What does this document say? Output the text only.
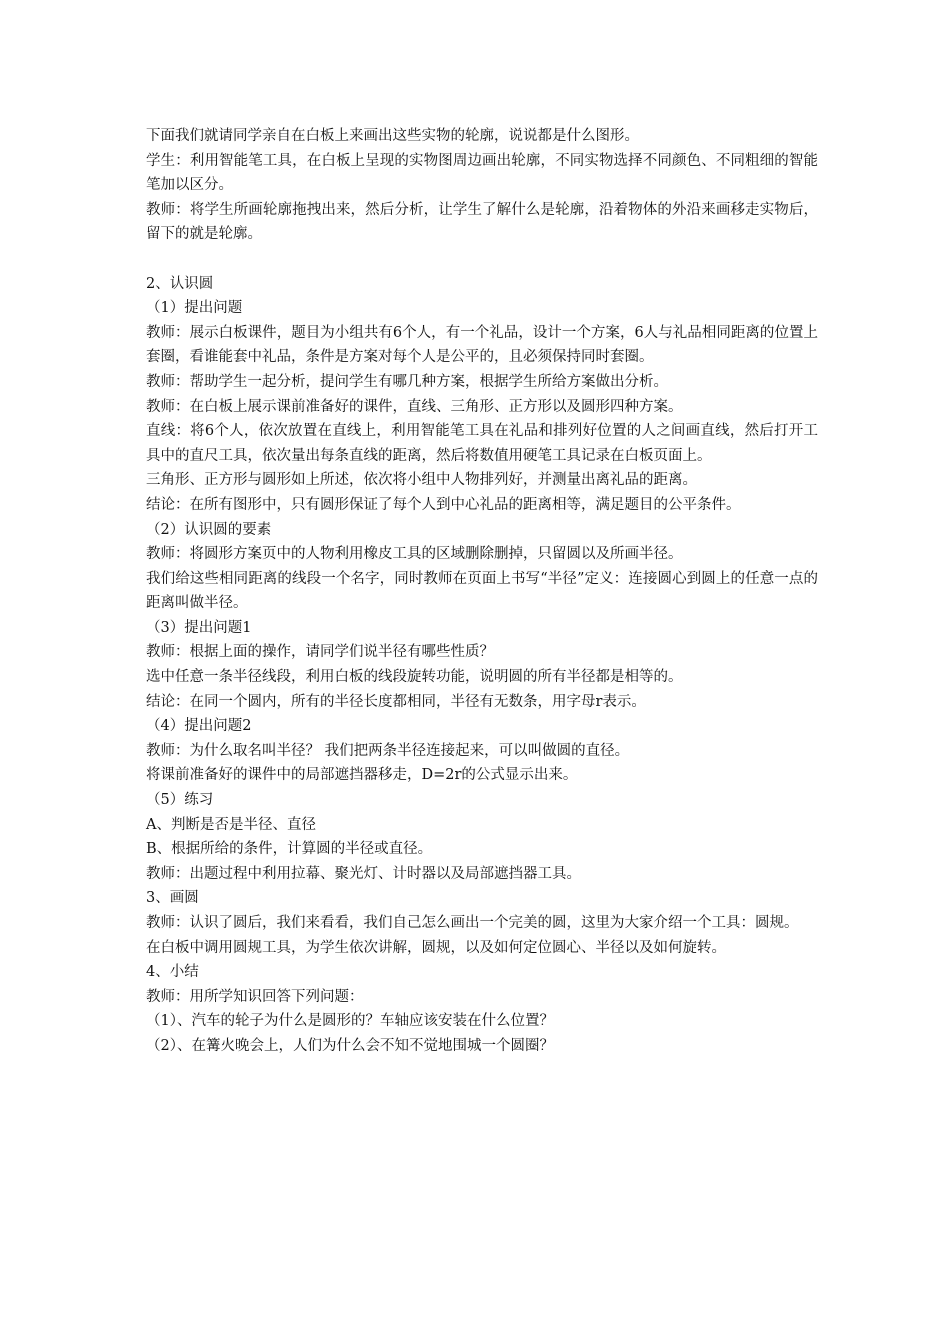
下面我们就请同学亲自在白板上来画出这些实物的轮廓，说说都是什么图形。

学生：利用智能笔工具，在白板上呈现的实物图周边画出轮廓，不同实物选择不同颜色、不同粗细的智能笔加以区分。

教师：将学生所画轮廓拖拽出来，然后分析，让学生了解什么是轮廓，沿着物体的外沿来画移走实物后，留下的就是轮廓。

2、认识圆

（1）提出问题

教师：展示白板课件，题目为小组共有6个人，有一个礼品，设计一个方案，6人与礼品相同距离的位置上套圈，看谁能套中礼品，条件是方案对每个人是公平的，且必须保持同时套圈。

教师：帮助学生一起分析，提问学生有哪几种方案，根据学生所给方案做出分析。

教师：在白板上展示课前准备好的课件，直线、三角形、正方形以及圆形四种方案。

直线：将6个人，依次放置在直线上，利用智能笔工具在礼品和排列好位置的人之间画直线，然后打开工具中的直尺工具，依次量出每条直线的距离，然后将数值用硬笔工具记录在白板页面上。

三角形、正方形与圆形如上所述，依次将小组中人物排列好，并测量出离礼品的距离。

结论：在所有图形中，只有圆形保证了每个人到中心礼品的距离相等，满足题目的公平条件。

（2）认识圆的要素

教师：将圆形方案页中的人物利用橡皮工具的区域删除删掉，只留圆以及所画半径。

我们给这些相同距离的线段一个名字，同时教师在页面上书写“半径”定义：连接圆心到圆上的任意一点的距离叫做半径。

（3）提出问题1

教师：根据上面的操作，请同学们说半径有哪些性质？

选中任意一条半径线段，利用白板的线段旋转功能，说明圆的所有半径都是相等的。

结论：在同一个圆内，所有的半径长度都相同，半径有无数条，用字母r表示。

（4）提出问题2

教师：为什么取名叫半径？ 我们把两条半径连接起来，可以叫做圆的直径。

将课前准备好的课件中的局部遮挡器移走，D=2r的公式显示出来。

（5）练习

A、判断是否是半径、直径

B、根据所给的条件，计算圆的半径或直径。

教师：出题过程中利用拉幕、聚光灯、计时器以及局部遮挡器工具。

3、画圆

教师：认识了圆后，我们来看看，我们自己怎么画出一个完美的圆，这里为大家介绍一个工具：圆规。

在白板中调用圆规工具，为学生依次讲解，圆规，以及如何定位圆心、半径以及如何旋转。

4、小结

教师：用所学知识回答下列问题：

（1）、汽车的轮子为什么是圆形的？车轴应该安装在什么位置？

（2）、在篝火晚会上，人们为什么会不知不觉地围城一个圆圈？
